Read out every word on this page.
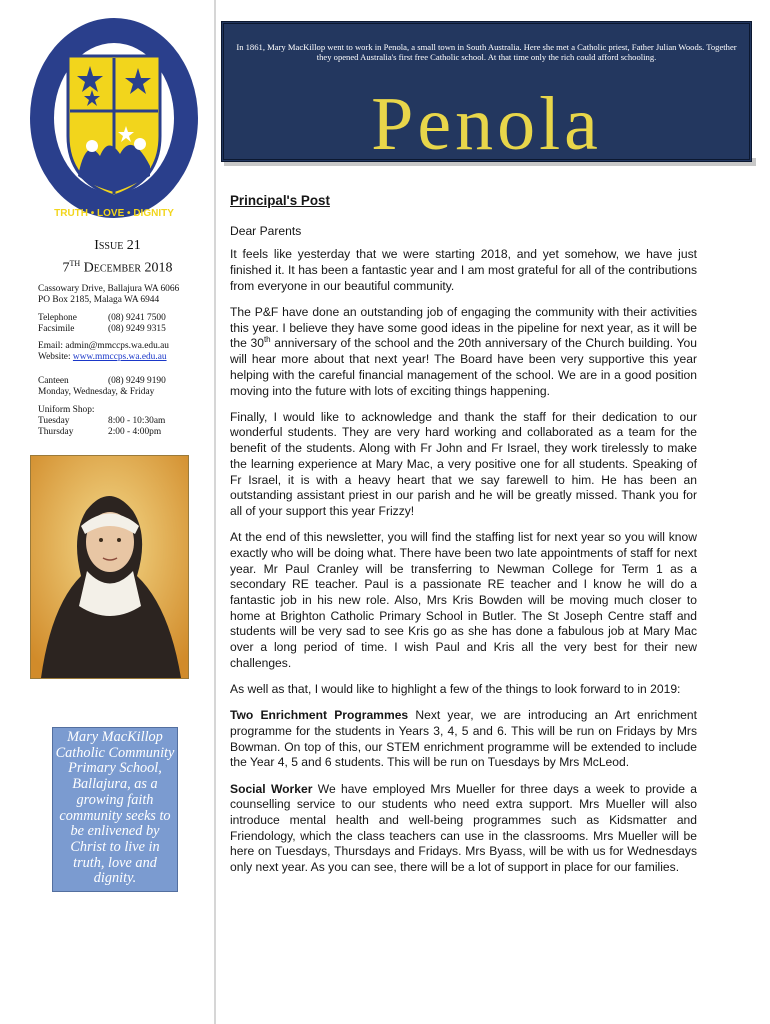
TRUTH • LOVE • DIGNITY
Issue 21
7TH December 2018
Cassowary Drive, Ballajura WA 6066
PO Box 2185, Malaga WA 6944
Telephone	(08) 9241 7500
Facsimile	(08) 9249 9315
Email: admin@mmccps.wa.edu.au
Website: www.mmccps.wa.edu.au
Canteen	(08) 9249 9190
Monday, Wednesday, & Friday
Uniform Shop:
Tuesday	8:00 - 10:30am
Thursday	2:00 - 4:00pm
Mary MacKillop Catholic Community Primary School, Ballajura, as a growing faith community seeks to be enlivened by Christ to live in truth, love and dignity.
In 1861, Mary MacKillop went to work in Penola, a small town in South Australia. Here she met a Catholic priest, Father Julian Woods. Together they opened Australia's first free Catholic school. At that time only the rich could afford schooling.
Penola
Principal's Post

Dear Parents

It feels like yesterday that we were starting 2018, and yet somehow, we have just finished it. It has been a fantastic year and I am most grateful for all of the contributions from everyone in our beautiful community.

The P&F have done an outstanding job of engaging the community with their activities this year. I believe they have some good ideas in the pipeline for next year, as it will be the 30th anniversary of the school and the 20th anniversary of the Church building. You will hear more about that next year! The Board have been very supportive this year helping with the careful financial management of the school. We are in a good position moving into the future with lots of exciting things happening.

Finally, I would like to acknowledge and thank the staff for their dedication to our wonderful students. They are very hard working and collaborated as a team for the benefit of the students. Along with Fr John and Fr Israel, they work tirelessly to make the learning experience at Mary Mac, a very positive one for all students. Speaking of Fr Israel, it is with a heavy heart that we say farewell to him. He has been an outstanding assistant priest in our parish and he will be greatly missed. Thank you for all of your support this year Frizzy!

At the end of this newsletter, you will find the staffing list for next year so you will know exactly who will be doing what. There have been two late appointments of staff for next year. Mr Paul Cranley will be transferring to Newman College for Term 1 as a secondary RE teacher. Paul is a passionate RE teacher and I know he will do a fantastic job in his new role. Also, Mrs Kris Bowden will be moving much closer to home at Brighton Catholic Primary School in Butler. The St Joseph Centre staff and students will be very sad to see Kris go as she has done a fabulous job at Mary Mac over a long period of time. I wish Paul and Kris all the very best for their new challenges.

As well as that, I would like to highlight a few of the things to look forward to in 2019:

Two Enrichment Programmes Next year, we are introducing an Art enrichment programme for the students in Years 3, 4, 5 and 6. This will be run on Fridays by Mrs Bowman. On top of this, our STEM enrichment programme will be extended to include the Year 4, 5 and 6 students. This will be run on Tuesdays by Mrs McLeod.

Social Worker We have employed Mrs Mueller for three days a week to provide a counselling service to our students who need extra support. Mrs Mueller will also introduce mental health and well-being programmes such as Kidsmatter and Friendology, which the class teachers can use in the classrooms. Mrs Mueller will be here on Tuesdays, Thursdays and Fridays. Mrs Byass, will be with us for Wednesdays only next year. As you can see, there will be a lot of support in place for our families.
